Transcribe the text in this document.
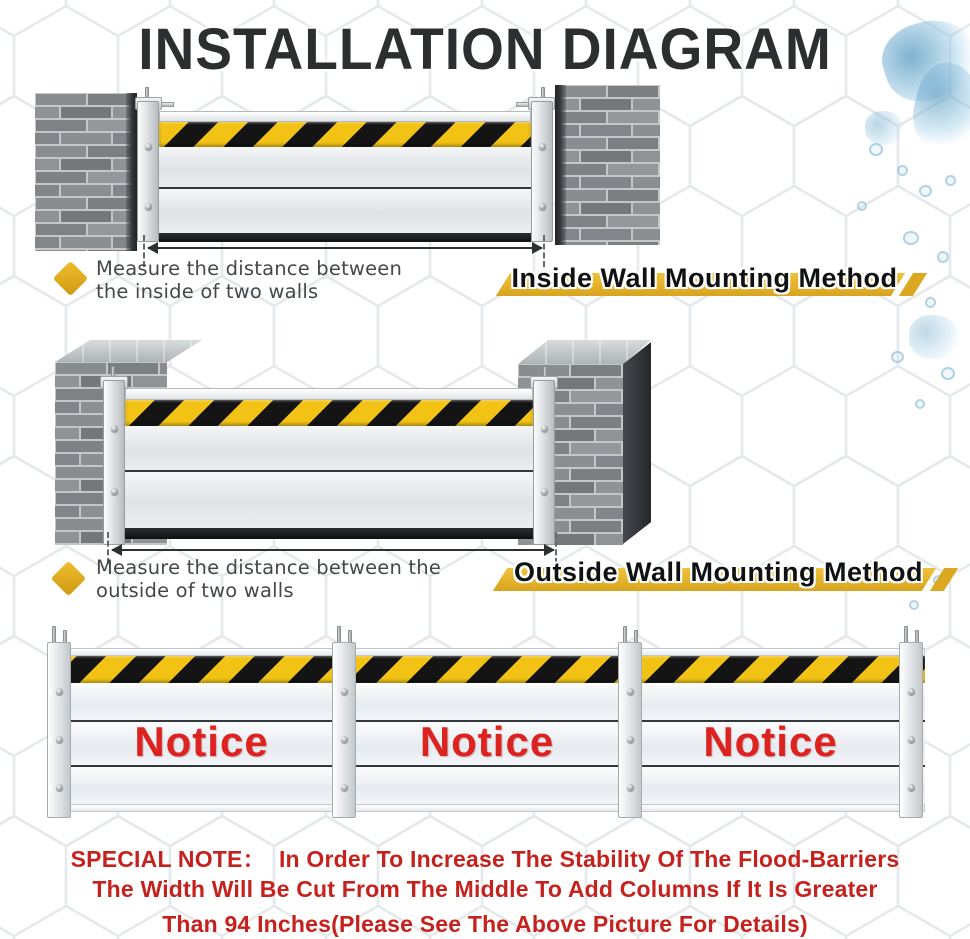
INSTALLATION DIAGRAM
Measure the distance between
the inside of two walls	Inside Wall Mounting Method
Measure the distance between the
outside of two walls
Outside Wall Mounting Method
Notice	Notice	Notice
SPECIAL NOTE：  In Order To Increase The Stability Of The Flood-Barriers
The Width Will Be Cut From The Middle To Add Columns If It Is Greater
Than 94 Inches(Please See The Above Picture For Details)
